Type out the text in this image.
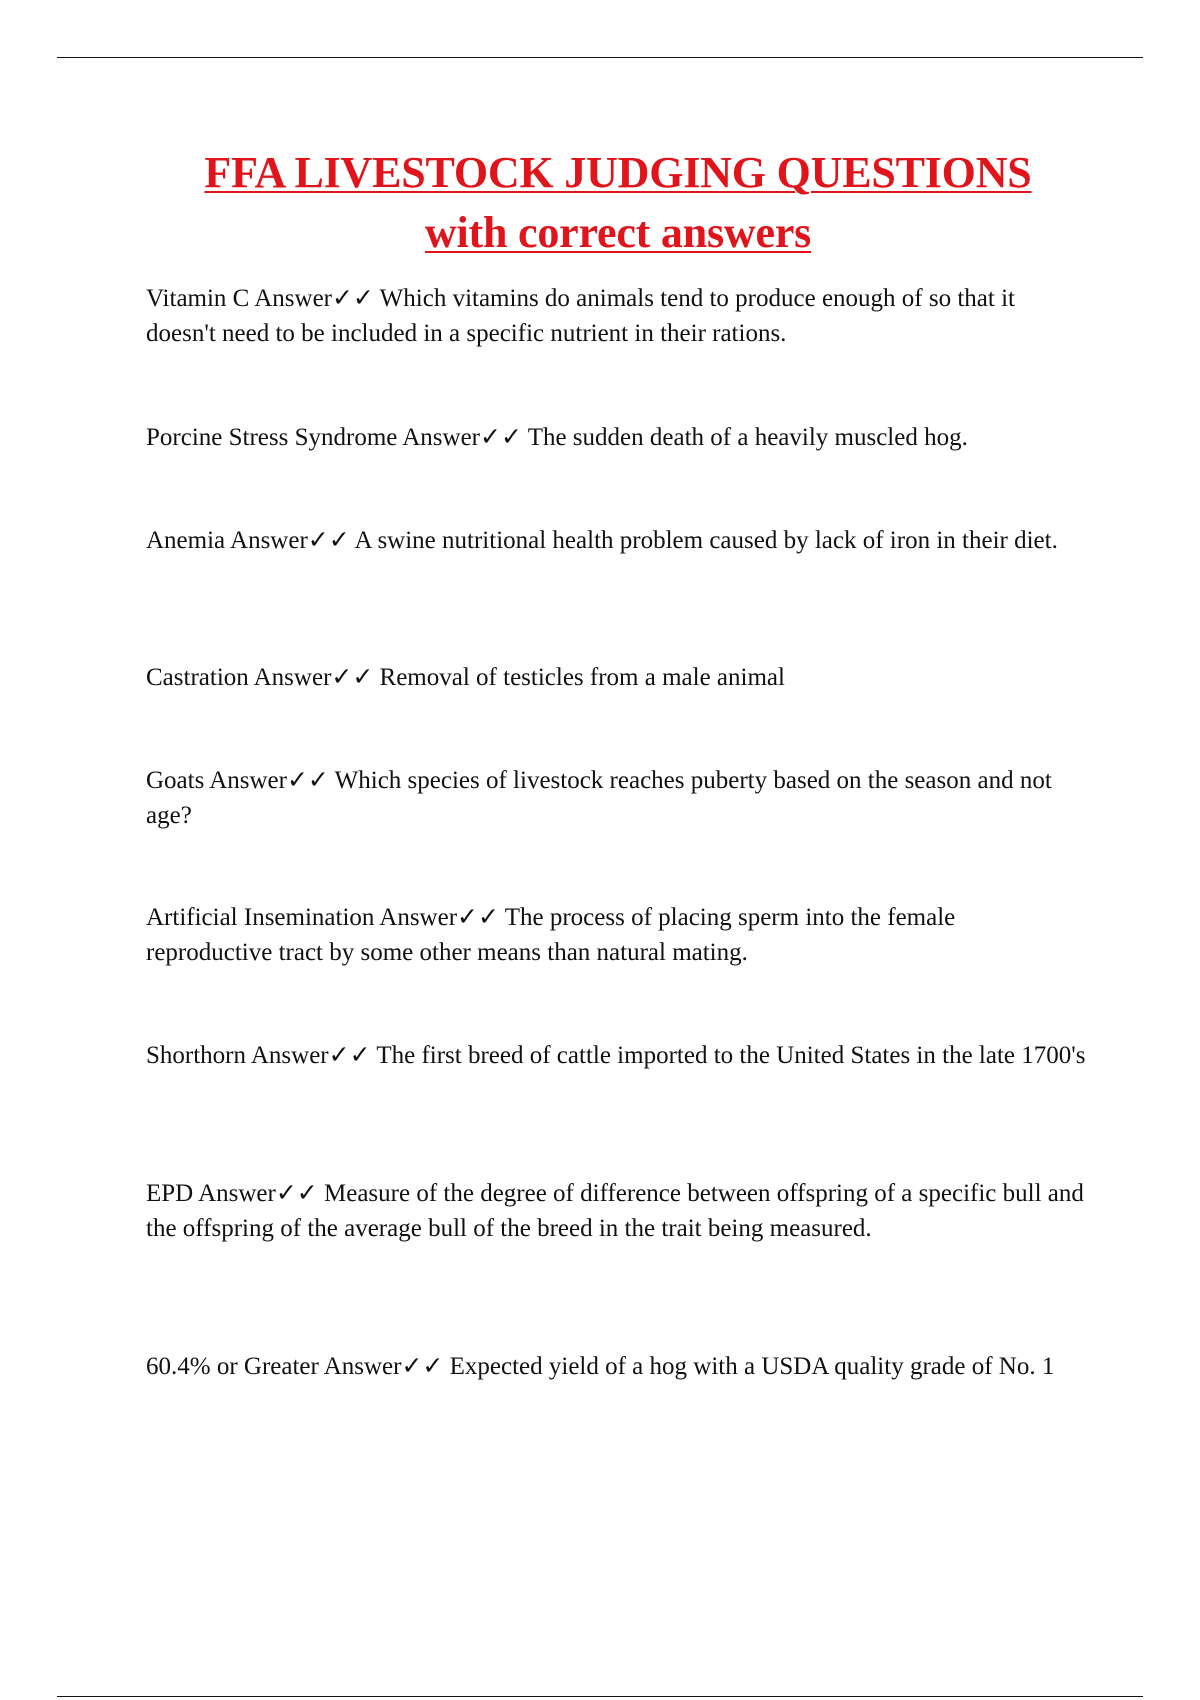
FFA LIVESTOCK JUDGING QUESTIONS
with correct answers

Vitamin C Answer✓✓ Which vitamins do animals tend to produce enough of so that it doesn't need to be included in a specific nutrient in their rations.

Porcine Stress Syndrome Answer✓✓ The sudden death of a heavily muscled hog.

Anemia Answer✓✓ A swine nutritional health problem caused by lack of iron in their diet.

Castration Answer✓✓ Removal of testicles from a male animal

Goats Answer✓✓ Which species of livestock reaches puberty based on the season and not age?

Artificial Insemination Answer✓✓ The process of placing sperm into the female reproductive tract by some other means than natural mating.

Shorthorn Answer✓✓ The first breed of cattle imported to the United States in the late 1700's

EPD Answer✓✓ Measure of the degree of difference between offspring of a specific bull and the offspring of the average bull of the breed in the trait being measured.

60.4% or Greater Answer✓✓ Expected yield of a hog with a USDA quality grade of No. 1
